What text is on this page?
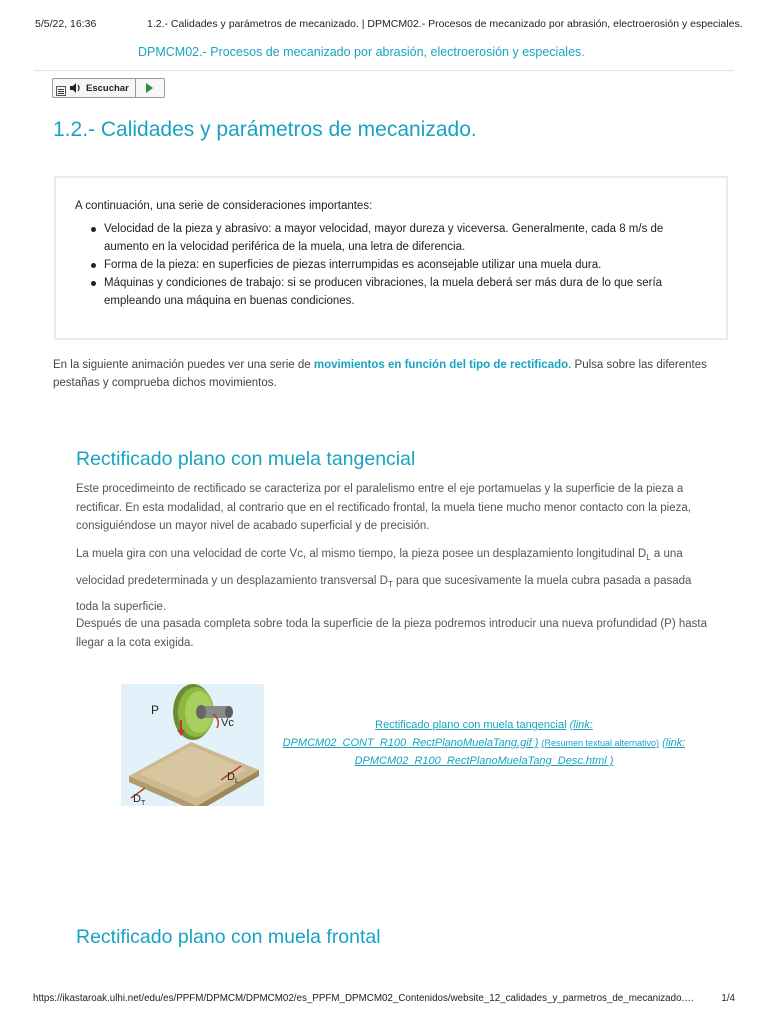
5/5/22, 16:36	1.2.- Calidades y parámetros de mecanizado. | DPMCM02.- Procesos de mecanizado por abrasión, electroerosión y especiales.
DPMCM02.- Procesos de mecanizado por abrasión, electroerosión y especiales.
Escuchar
1.2.- Calidades y parámetros de mecanizado.

A continuación, una serie de consideraciones importantes:

Velocidad de la pieza y abrasivo: a mayor velocidad, mayor dureza y viceversa. Generalmente, cada 8 m/s de aumento en la velocidad periférica de la muela, una letra de diferencia.
Forma de la pieza: en superficies de piezas interrumpidas es aconsejable utilizar una muela dura.
Máquinas y condiciones de trabajo: si se producen vibraciones, la muela deberá ser más dura de lo que sería empleando una máquina en buenas condiciones.

En la siguiente animación puedes ver una serie de movimientos en función del tipo de rectificado. Pulsa sobre las diferentes pestañas y comprueba dichos movimientos.

Rectificado plano con muela tangencial

Este procedimeinto de rectificado se caracteriza por el paralelismo entre el eje portamuelas y la superficie de la pieza a rectificar. En esta modalidad, al contrario que en el rectificado frontal, la muela tiene mucho menor contacto con la pieza, consiguiéndose un mayor nivel de acabado superficial y de precisión.

La muela gira con una velocidad de corte Vc, al mismo tiempo, la pieza posee un desplazamiento longitudinal $D_L$ a una velocidad predeterminada y un desplazamiento transversal $D_T$ para que sucesivamente la muela cubra pasada a pasada toda la superficie.

Después de una pasada completa sobre toda la superficie de la pieza podremos introducir una nueva profundidad (P) hasta llegar a la cota exigida.

P
Vc
D L
D T
Rectificado plano con muela tangencial (link: DPMCM02_CONT_R100_RectPlanoMuelaTang.gif ) (Resumen textual alternativo) (link: DPMCM02_R100_RectPlanoMuelaTang_Desc.html )
Rectificado plano con muela frontal
https://ikastaroak.ulhi.net/edu/es/PPFM/DPMCM/DPMCM02/es_PPFM_DPMCM02_Contenidos/website_12_calidades_y_parmetros_de_mecanizado.…	1/4
